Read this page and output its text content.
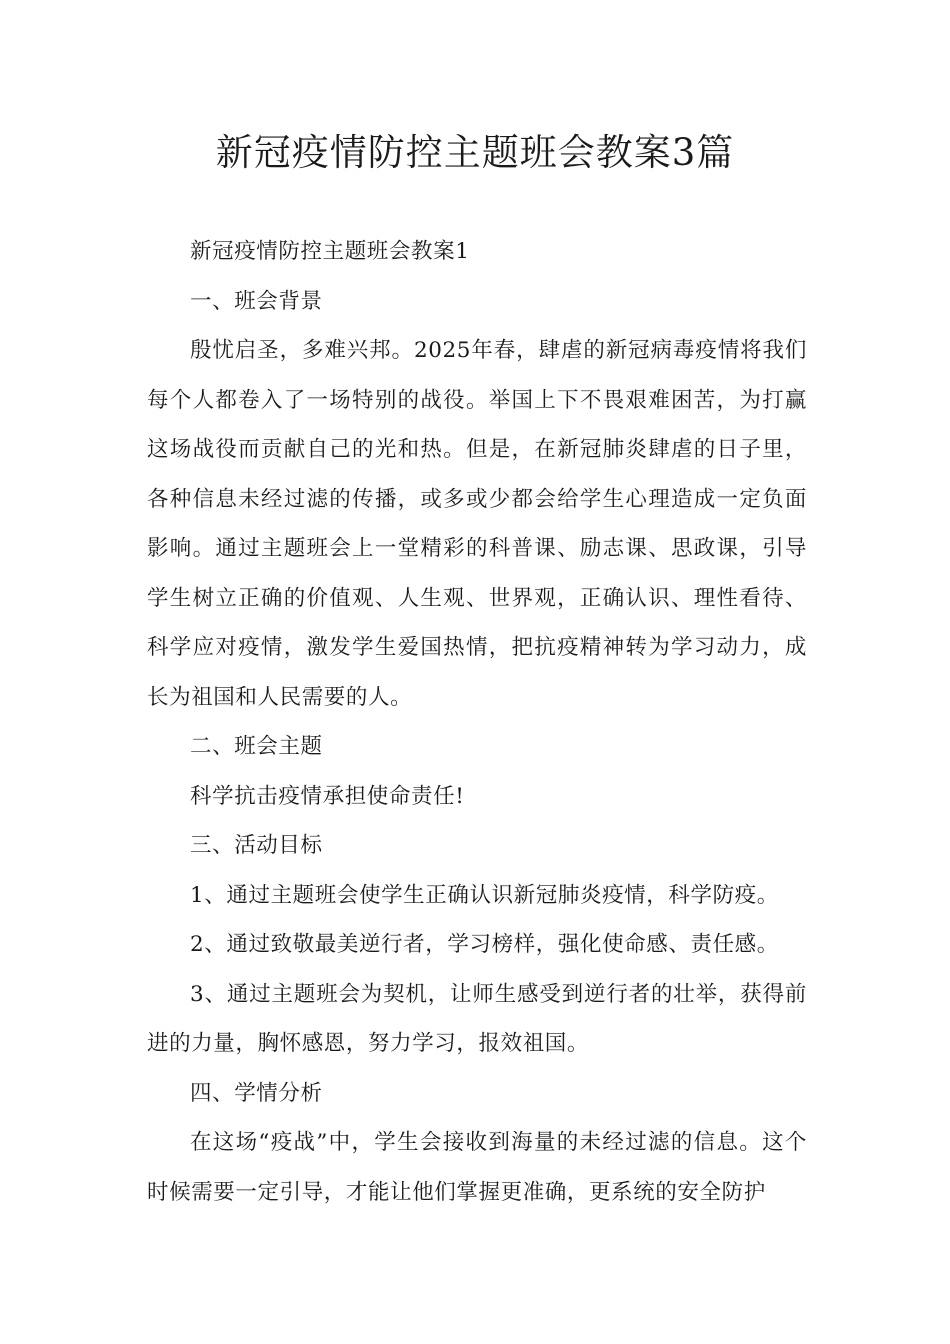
新冠疫情防控主题班会教案3篇

新冠疫情防控主题班会教案1

一、班会背景

殷忧启圣，多难兴邦。2025年春，肆虐的新冠病毒疫情将我们每个人都卷入了一场特别的战役。举国上下不畏艰难困苦，为打赢这场战役而贡献自己的光和热。但是，在新冠肺炎肆虐的日子里，各种信息未经过滤的传播，或多或少都会给学生心理造成一定负面影响。通过主题班会上一堂精彩的科普课、励志课、思政课，引导学生树立正确的价值观、人生观、世界观，正确认识、理性看待、科学应对疫情，激发学生爱国热情，把抗疫精神转为学习动力，成长为祖国和人民需要的人。

二、班会主题

科学抗击疫情承担使命责任!

三、活动目标

1、通过主题班会使学生正确认识新冠肺炎疫情，科学防疫。

2、通过致敬最美逆行者，学习榜样，强化使命感、责任感。

3、通过主题班会为契机，让师生感受到逆行者的壮举，获得前进的力量，胸怀感恩，努力学习，报效祖国。

四、学情分析

在这场“疫战”中，学生会接收到海量的未经过滤的信息。这个时候需要一定引导，才能让他们掌握更准确，更系统的安全防护
